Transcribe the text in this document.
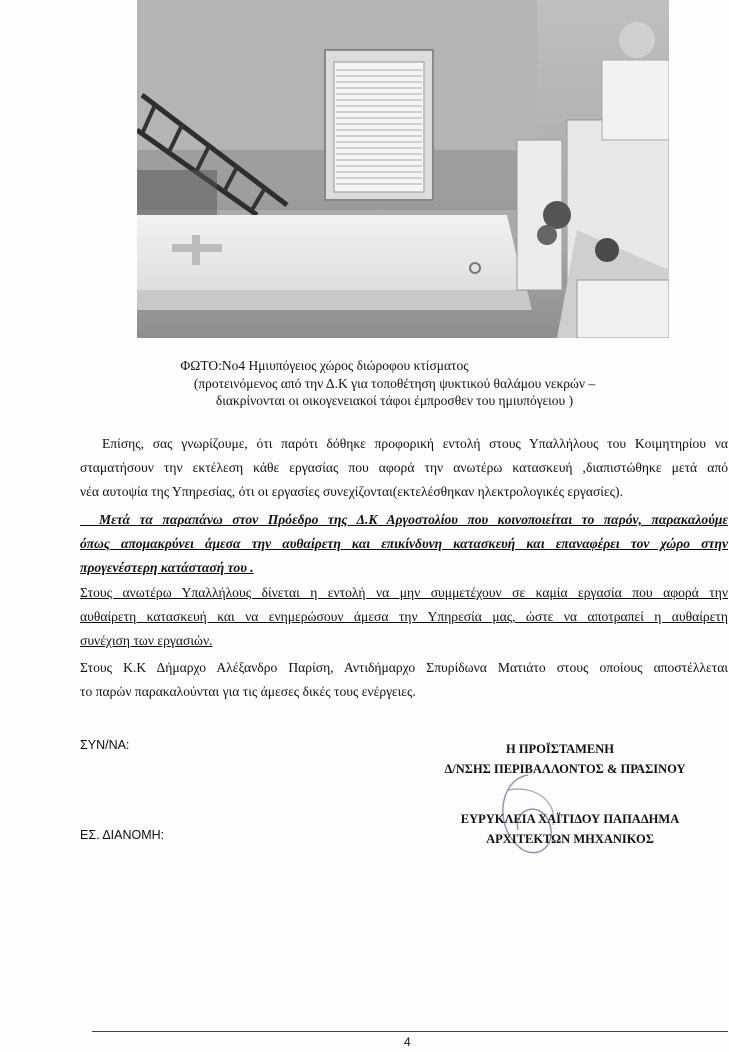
ΦΩΤΟ:Νο4 Ημιυπόγειος χώρος διώροφου κτίσματος
(προτεινόμενος από την Δ.Κ για τοποθέτηση ψυκτικού θαλάμου νεκρών –
διακρίνονται οι οικογενειακοί τάφοι έμπροσθεν του ημιυπόγειου )
Επίσης, σας γνωρίζουμε, ότι παρότι δόθηκε προφορική εντολή στους Υπαλλήλους του Κοιμητηρίου να
σταματήσουν την εκτέλεση κάθε εργασίας που αφορά την ανωτέρω κατασκευή ,διαπιστώθηκε μετά από
νέα αυτοψία της Υπηρεσίας, ότι οι εργασίες συνεχίζονται(εκτελέσθηκαν ηλεκτρολογικές εργασίες).
Μετά τα παραπάνω στον Πρόεδρο της Δ.Κ Αργοστολίου που κοινοποιείται το παρόν, παρακαλούμε
όπως απομακρύνει άμεσα την αυθαίρετη και επικίνδυνη κατασκευή και επαναφέρει τον χώρο στην
προγενέστερη κατάστασή του .
Στους ανωτέρω Υπαλλήλους δίνεται η εντολή να μην συμμετέχουν σε καμία εργασία που αφορά την
αυθαίρετη κατασκευή και να ενημερώσουν άμεσα την Υπηρεσία μας, ώστε να αποτραπεί η αυθαίρετη
συνέχιση των εργασιών.
Στους Κ.Κ Δήμαρχο Αλέξανδρο Παρίση, Αντιδήμαρχο Σπυρίδωνα Ματιάτο στους οποίους αποστέλλεται
το παρών παρακαλούνται για τις άμεσες δικές τους ενέργειες.
ΣΥΝ/ΝΑ:
ΕΣ. ΔΙΑΝΟΜΗ:
Η ΠΡΟΪΣΤΑΜΕΝΗ
Δ/ΝΣΗΣ ΠΕΡΙΒΑΛΛΟΝΤΟΣ & ΠΡΑΣΙΝΟΥ
ΕΥΡΥΚΛΕΙΑ ΧΑΪΤΙΔΟΥ ΠΑΠΑΔΗΜΑ
ΑΡΧΙΤΕΚΤΩΝ ΜΗΧΑΝΙΚΟΣ
4
